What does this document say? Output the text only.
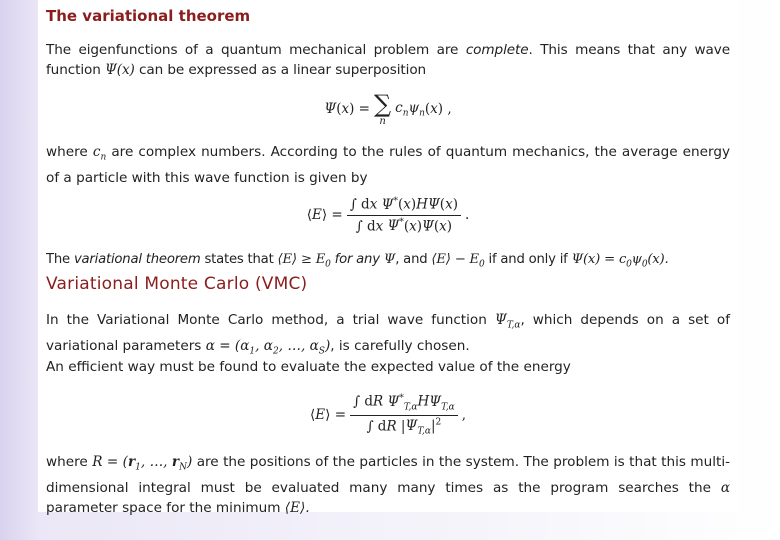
The variational theorem

The eigenfunctions of a quantum mechanical problem are complete. This means that any wave function Ψ(x) can be expressed as a linear superposition

Ψ ( x ) = ∑
n
$c_n\psi_n$ ( x ) ,

where $c_n$ are complex numbers. According to the rules of quantum mechanics, the average energy of a particle with this wave function is given by

⟨ E ⟩ = $\frac{\int dx \Psi^*(x)H\Psi(x)}{\int dx \Psi^*(x)\Psi(x)}$ .

The variational theorem states that ⟨E⟩ ≥ $E_0$ for any Ψ, and ⟨E⟩ − $E_0$ if and only if $\Psi(x) = c_0\psi_0(x)$.

Variational Monte Carlo (VMC)

In the Variational Monte Carlo method, a trial wave function $\Psi_{T,\alpha}$, which depends on a set of variational parameters $\alpha = (\alpha_1$, $\alpha_2$, …, $\alpha_S$), is carefully chosen.

An efficient way must be found to evaluate the expected value of the energy

⟨ E ⟩ = $\frac{\int dR \Psi^*_{T,\alpha}H\Psi_{T,\alpha}}{\int dR |\Psi_{T,\alpha}|^2}$ ,

where $R = (r_1$, …, $r_N$) are the positions of the particles in the system. The problem is that this multi-dimensional integral must be evaluated many many times as the program searches the α parameter space for the minimum ⟨E⟩.
